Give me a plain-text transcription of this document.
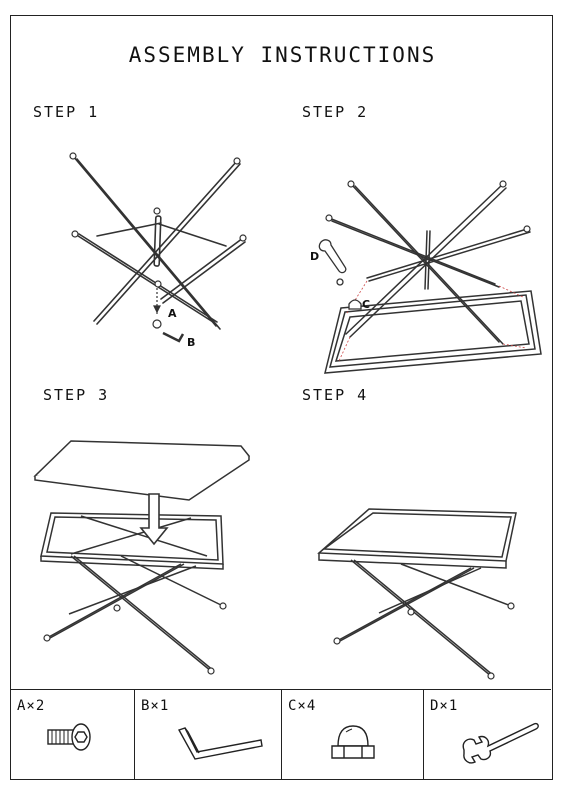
ASSEMBLY INSTRUCTIONS
STEP 1	STEP 2
STEP 3	STEP 4
A
B
D
C
A×2	B×1	C×4	D×1
